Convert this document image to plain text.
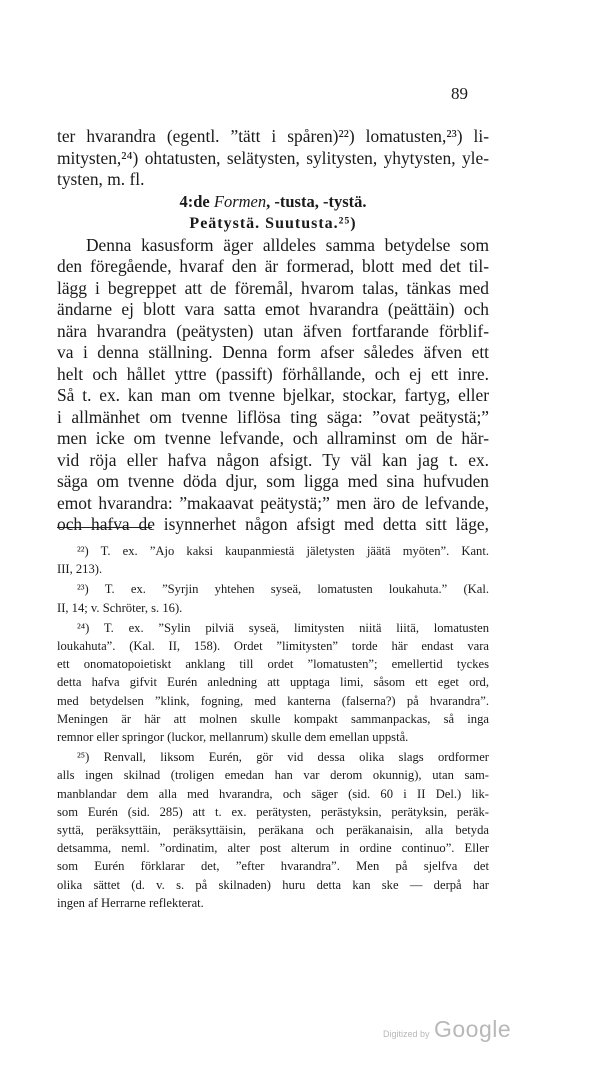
89

ter hvarandra (egentl. ”tätt i spåren)²²) lomatusten,²³) li-
mitysten,²⁴) ohtatusten, selätysten, sylitysten, yhytysten, yle-
tysten, m. fl.

4:de Formen, -tusta, -tystä.
Peätystä. Suutusta.²⁵)

Denna kasusform äger alldeles samma betydelse som
den föregående, hvaraf den är formerad, blott med det til-
lägg i begreppet att de föremål, hvarom talas, tänkas med
ändarne ej blott vara satta emot hvarandra (peättäin) och
nära hvarandra (peätysten) utan äfven fortfarande förblif-
va i denna ställning. Denna form afser således äfven ett
helt och hållet yttre (passift) förhållande, och ej ett inre.
Så t. ex. kan man om tvenne bjelkar, stockar, fartyg, eller
i allmänhet om tvenne liflösa ting säga: ”ovat peätystä;”
men icke om tvenne lefvande, och allraminst om de här-
vid röja eller hafva någon afsigt. Ty väl kan jag t. ex.
säga om tvenne döda djur, som ligga med sina hufvuden
emot hvarandra: ”makaavat peätystä;” men äro de lefvande,
och hafva de isynnerhet någon afsigt med detta sitt läge,

²²) T. ex. ”Ajo kaksi kaupanmiestä jäletysten jäätä myöten”. Kant.
III, 213).
²³) T. ex. ”Syrjin yhtehen syseä, lomatusten loukahuta.” (Kal.
II, 14; v. Schröter, s. 16).
²⁴) T. ex. ”Sylin pilviä syseä, limitysten niitä liitä, lomatusten
loukahuta”. (Kal. II, 158). Ordet ”limitysten” torde här endast vara
ett onomatopoietiskt anklang till ordet ”lomatusten”; emellertid tyckes
detta hafva gifvit Eurén anledning att upptaga limi, såsom ett eget ord,
med betydelsen ”klink, fogning, med kanterna (falserna?) på hvarandra”.
Meningen är här att molnen skulle kompakt sammanpackas, så ingа
remnor eller springor (luckor, mellanrum) skulle dem emellan uppstå.
²⁵) Renvall, liksom Eurén, gör vid dessa olika slags ordformer
alls ingen skilnad (troligen emedan han var derom okunnig), utan sam-
manblandar dem alla med hvarandra, och säger (sid. 60 i II Del.) lik-
som Eurén (sid. 285) att t. ex. perätysten, perästyksin, perätyksin, peräk-
syttä, peräksyttäin, peräksyttäisin, peräkana och peräkanaisin, alla betyda
detsamma, neml. ”ordinatim, alter post alterum in ordine continuo”. Eller
som Eurén förklarar det, ”efter hvarandra”. Men på sjelfva det
olika sättet (d. v. s. på skilnaden) huru detta kan ske — derpå har
ingen af Herrarne reflekterat.
Digitized by Google
